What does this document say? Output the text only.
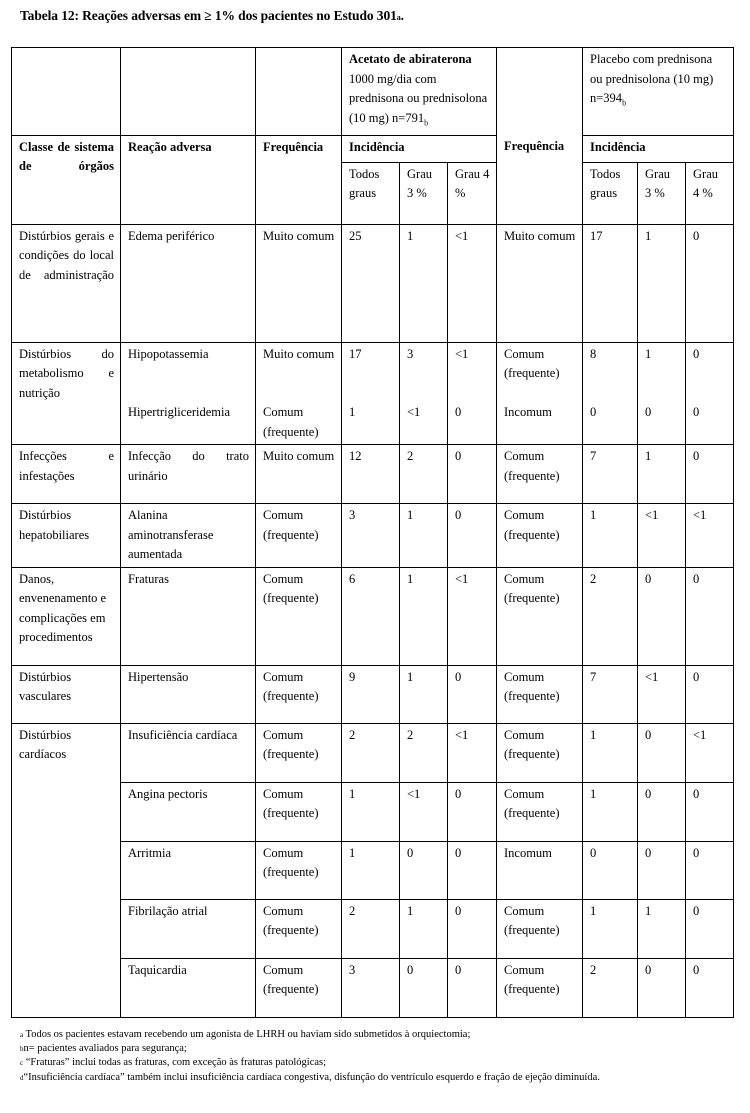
Tabela 12: Reações adversas em ≥ 1% dos pacientes no Estudo 301a.
			Acetato de abiraterona 1000 mg/dia com prednisona ou prednisolona (10 mg) $n=791_b$				Placebo com prednisona ou prednisolona (10 mg) $n=394_b$
Classe de sistema de órgãos	Reação adversa	Frequência	Incidência			Frequência	Incidência		
			Todos graus	Grau 3 %	Grau 4 %		Todos graus	Grau 3 %	Grau 4 %
Distúrbios gerais e condições do local de administração	Edema periférico	Muito comum	25	1	<1	Muito comum	17	1	0
Distúrbios do metabolismo e nutrição	Hipopotassemia	Muito comum	17	3	<1	Comum (frequente)	8	1	0
	Hipertrigliceridemia	Comum (frequente)	1	<1	0	Incomum	0	0	0
Infecções e infestações	Infecção do trato urinário	Muito comum	12	2	0	Comum (frequente)	7	1	0
Distúrbios hepatobiliares	Alanina aminotransferase aumentada	Comum (frequente)	3	1	0	Comum (frequente)	1	<1	<1
Danos, envenenamento e complicações em procedimentos	Fraturas	Comum (frequente)	6	1	<1	Comum (frequente)	2	0	0
Distúrbios vasculares	Hipertensão	Comum (frequente)	9	1	0	Comum (frequente)	7	<1	0
Distúrbios cardíacos	Insuficiência cardíaca	Comum (frequente)	2	2	<1	Comum (frequente)	1	0	<1
	Angina pectoris	Comum (frequente)	1	<1	0	Comum (frequente)	1	0	0
	Arritmia	Comum (frequente)	1	0	0	Incomum	0	0	0
	Fibrilação atrial	Comum (frequente)	2	1	0	Comum (frequente)	1	1	0
	Taquicardia	Comum (frequente)	3	0	0	Comum (frequente)	2	0	0
a Todos os pacientes estavam recebendo um agonista de LHRH ou haviam sido submetidos à orquiectomia;
bn= pacientes avaliados para segurança;
c “Fraturas” inclui todas as fraturas, com exceção às fraturas patológicas;
d“Insuficiência cardíaca” também inclui insuficiência cardíaca congestiva, disfunção do ventrículo esquerdo e fração de ejeção diminuída.
